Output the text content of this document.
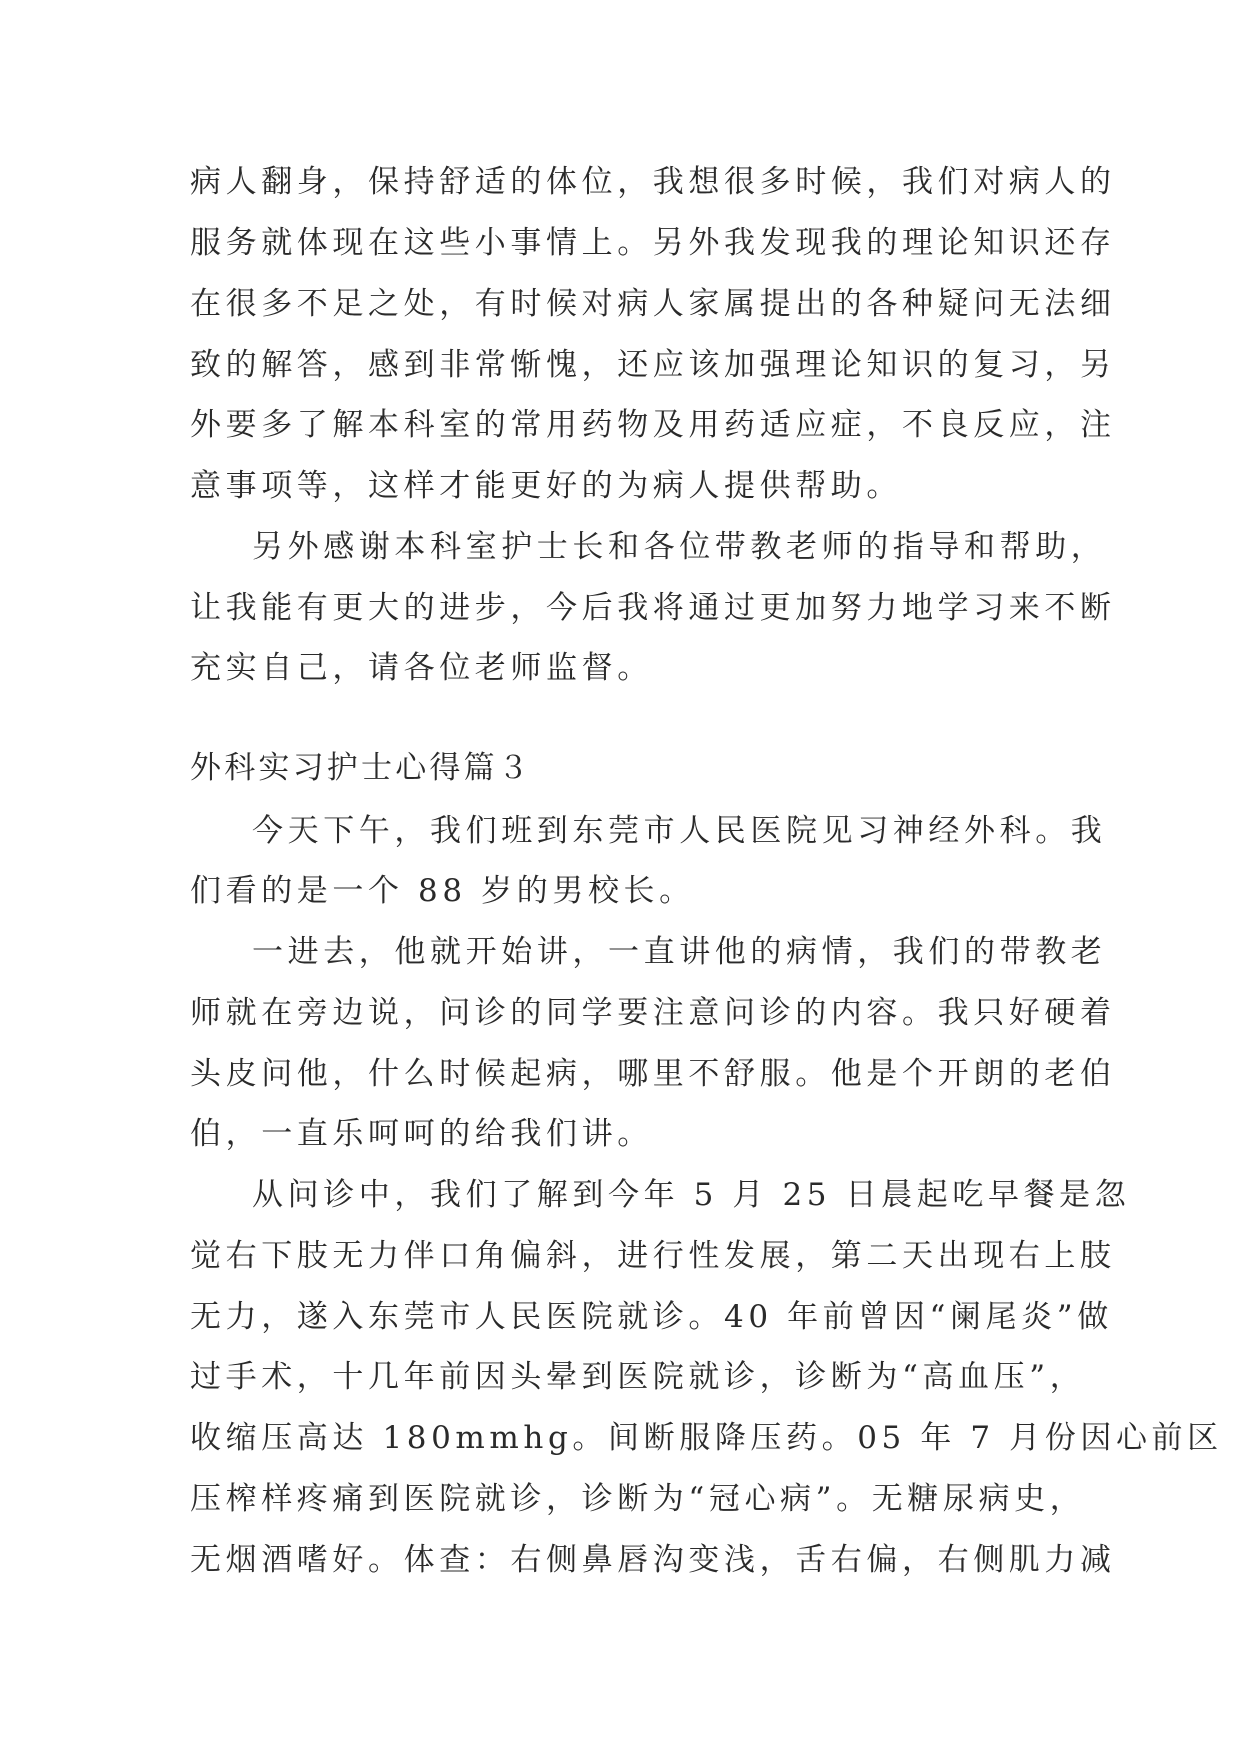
病人翻身，保持舒适的体位，我想很多时候，我们对病人的
服务就体现在这些小事情上。另外我发现我的理论知识还存
在很多不足之处，有时候对病人家属提出的各种疑问无法细
致的解答，感到非常惭愧，还应该加强理论知识的复习，另
外要多了解本科室的常用药物及用药适应症，不良反应，注
意事项等，这样才能更好的为病人提供帮助。
另外感谢本科室护士长和各位带教老师的指导和帮助，
让我能有更大的进步，今后我将通过更加努力地学习来不断
充实自己，请各位老师监督。
外科实习护士心得篇３
今天下午，我们班到东莞市人民医院见习神经外科。我
们看的是一个 88 岁的男校长。
一进去，他就开始讲，一直讲他的病情，我们的带教老
师就在旁边说，问诊的同学要注意问诊的内容。我只好硬着
头皮问他，什么时候起病，哪里不舒服。他是个开朗的老伯
伯，一直乐呵呵的给我们讲。
从问诊中，我们了解到今年 5 月 25 日晨起吃早餐是忽
觉右下肢无力伴口角偏斜，进行性发展，第二天出现右上肢
无力，遂入东莞市人民医院就诊。40 年前曾因“阑尾炎”做
过手术，十几年前因头晕到医院就诊，诊断为“高血压”，
收缩压高达 180mmhg。间断服降压药。05 年 7 月份因心前区
压榨样疼痛到医院就诊，诊断为“冠心病”。无糖尿病史，
无烟酒嗜好。体查：右侧鼻唇沟变浅，舌右偏，右侧肌力减
